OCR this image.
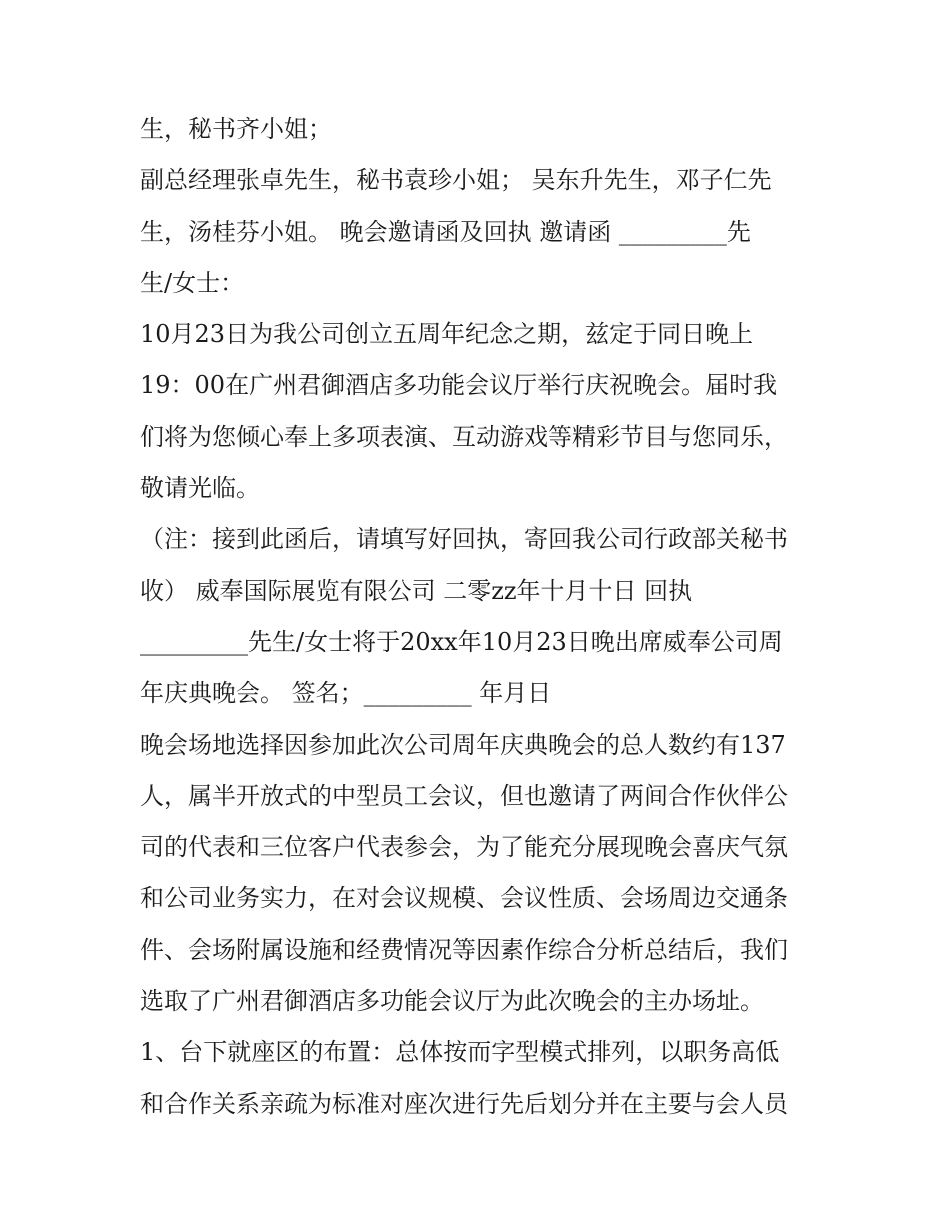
生，秘书齐小姐；
副总经理张卓先生，秘书袁珍小姐； 吴东升先生，邓子仁先
生，汤桂芬小姐。 晚会邀请函及回执 邀请函 _________先
生/女士：
10月23日为我公司创立五周年纪念之期，兹定于同日晚上
19：00在广州君御酒店多功能会议厅举行庆祝晚会。届时我
们将为您倾心奉上多项表演、互动游戏等精彩节目与您同乐，
敬请光临。
（注：接到此函后，请填写好回执，寄回我公司行政部关秘书
收） 威奉国际展览有限公司 二零zz年十月十日 回执
_________先生/女士将于20xx年10月23日晚出席威奉公司周
年庆典晚会。 签名；_________ 年月日
晚会场地选择因参加此次公司周年庆典晚会的总人数约有137
人，属半开放式的中型员工会议，但也邀请了两间合作伙伴公
司的代表和三位客户代表参会，为了能充分展现晚会喜庆气氛
和公司业务实力，在对会议规模、会议性质、会场周边交通条
件、会场附属设施和经费情况等因素作综合分析总结后，我们
选取了广州君御酒店多功能会议厅为此次晚会的主办场址。
1、台下就座区的布置：总体按而字型模式排列，以职务高低
和合作关系亲疏为标准对座次进行先后划分并在主要与会人员
